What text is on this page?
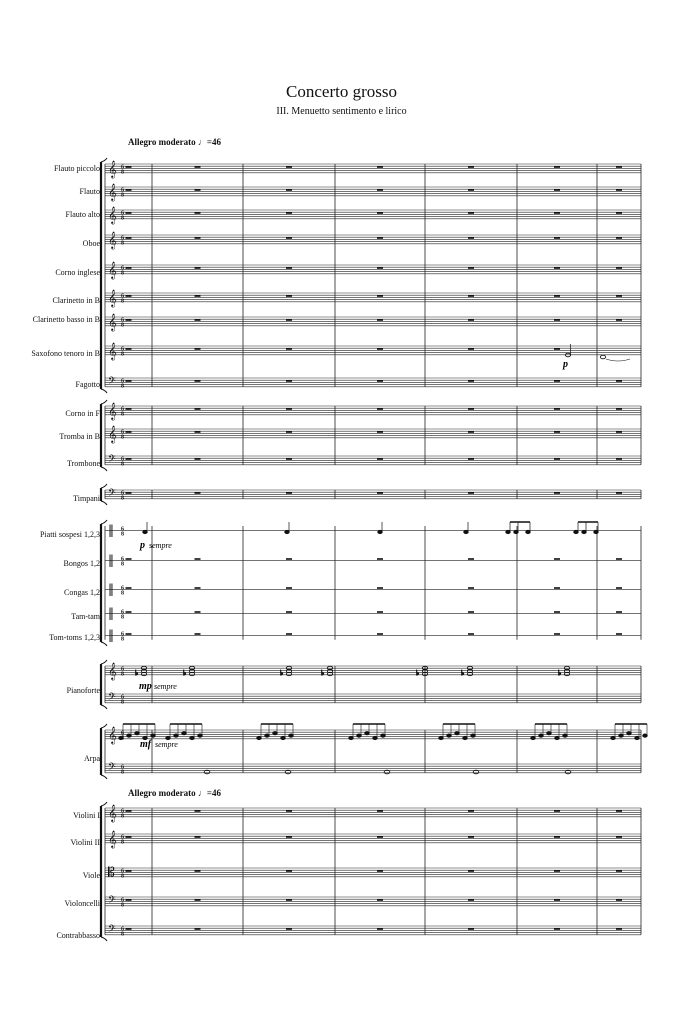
Concerto grosso
III. Menuetto sentimento e lirico
Allegro moderato ♩=46
Allegro moderato ♩=46
Flauto piccolo
Flauto
Flauto alto
Oboe
Corno inglese
Clarinetto in B
Clarinetto basso in B
Saxofono tenoro in B
Fagotto
Corno in F
Tromba in B
Trombone
Timpani
Piatti sospesi 1,2,3
Bongos 1,2
Congas 1,2
Tam-tam
Tom-toms 1,2,3
Pianoforte
Arpa
Violini I
Violini II
Viole
Violoncelli
Contrabbasso
𝄞 6
8
𝄞 6
8
𝄞 6
8
𝄞 6
8
𝄞 6
8
𝄞 6
8
𝄞 6
8
𝄞 6
8
𝄢 6
8
𝄞 6
8
𝄞 6
8
𝄢 6
8
𝄢 6
8
‖ 6
8
‖ 6
8
‖ 6
8
‖ 6
8
‖ 6
8
𝄞 6
8
𝄢 6
8
𝄞 6
𝄢 6
8
𝄞 6
8
𝄞 6
8
𝄡 6
8
𝄢 6
8
𝄢 6
8
♭	♭	♭	♭	♭	♭	♭
p
p sempre
mp sempre
mf sempre
